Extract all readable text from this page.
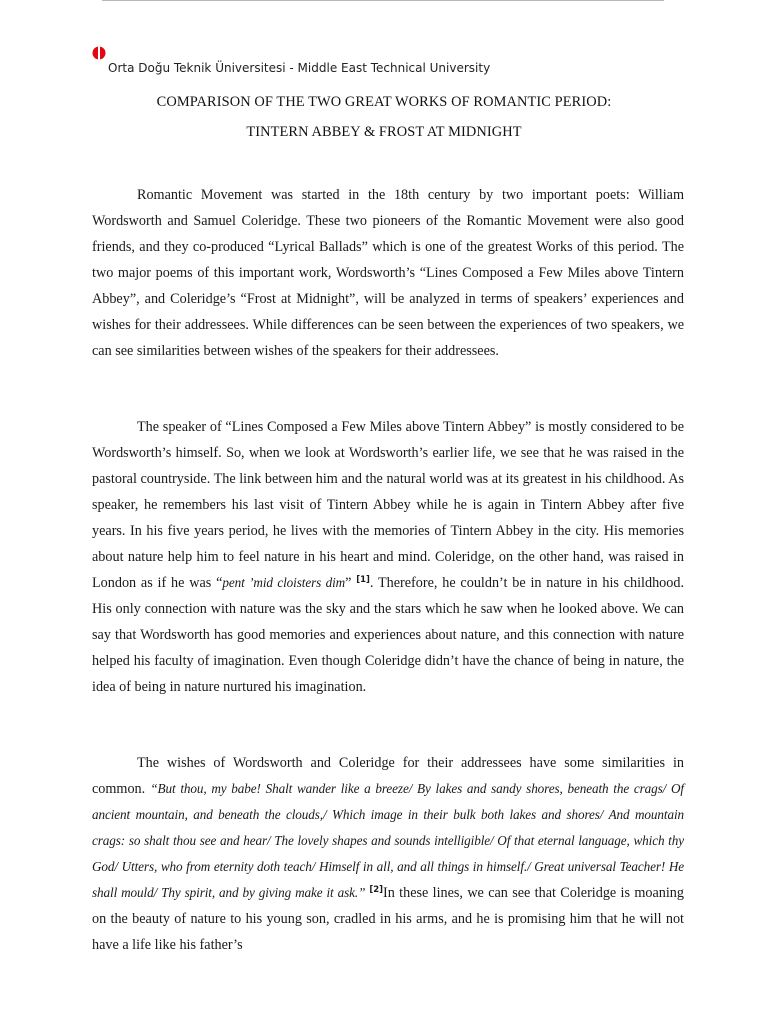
Orta Doğu Teknik Üniversitesi - Middle East Technical University
COMPARISON OF THE TWO GREAT WORKS OF ROMANTIC PERIOD:
TINTERN ABBEY & FROST AT MIDNIGHT

Romantic Movement was started in the 18th century by two important poets: William Wordsworth and Samuel Coleridge. These two pioneers of the Romantic Movement were also good friends, and they co-produced “Lyrical Ballads” which is one of the greatest Works of this period. The two major poems of this important work, Wordsworth’s “Lines Composed a Few Miles above Tintern Abbey”, and Coleridge’s “Frost at Midnight”, will be analyzed in terms of speakers’ experiences and wishes for their addressees. While differences can be seen between the experiences of two speakers, we can see similarities between wishes of the speakers for their addressees.

The speaker of “Lines Composed a Few Miles above Tintern Abbey” is mostly considered to be Wordsworth’s himself. So, when we look at Wordsworth’s earlier life, we see that he was raised in the pastoral countryside. The link between him and the natural world was at its greatest in his childhood. As speaker, he remembers his last visit of Tintern Abbey while he is again in Tintern Abbey after five years. In his five years period, he lives with the memories of Tintern Abbey in the city. His memories about nature help him to feel nature in his heart and mind. Coleridge, on the other hand, was raised in London as if he was “pent ’mid cloisters dim” [1]. Therefore, he couldn’t be in nature in his childhood. His only connection with nature was the sky and the stars which he saw when he looked above. We can say that Wordsworth has good memories and experiences about nature, and this connection with nature helped his faculty of imagination. Even though Coleridge didn’t have the chance of being in nature, the idea of being in nature nurtured his imagination.

The wishes of Wordsworth and Coleridge for their addressees have some similarities in common. “But thou, my babe! Shalt wander like a breeze/ By lakes and sandy shores, beneath the crags/ Of ancient mountain, and beneath the clouds,/ Which image in their bulk both lakes and shores/ And mountain crags: so shalt thou see and hear/ The lovely shapes and sounds intelligible/ Of that eternal language, which thy God/ Utters, who from eternity doth teach/ Himself in all, and all things in himself./ Great universal Teacher! He shall mould/ Thy spirit, and by giving make it ask.” [2]In these lines, we can see that Coleridge is moaning on the beauty of nature to his young son, cradled in his arms, and he is promising him that he will not have a life like his father’s
